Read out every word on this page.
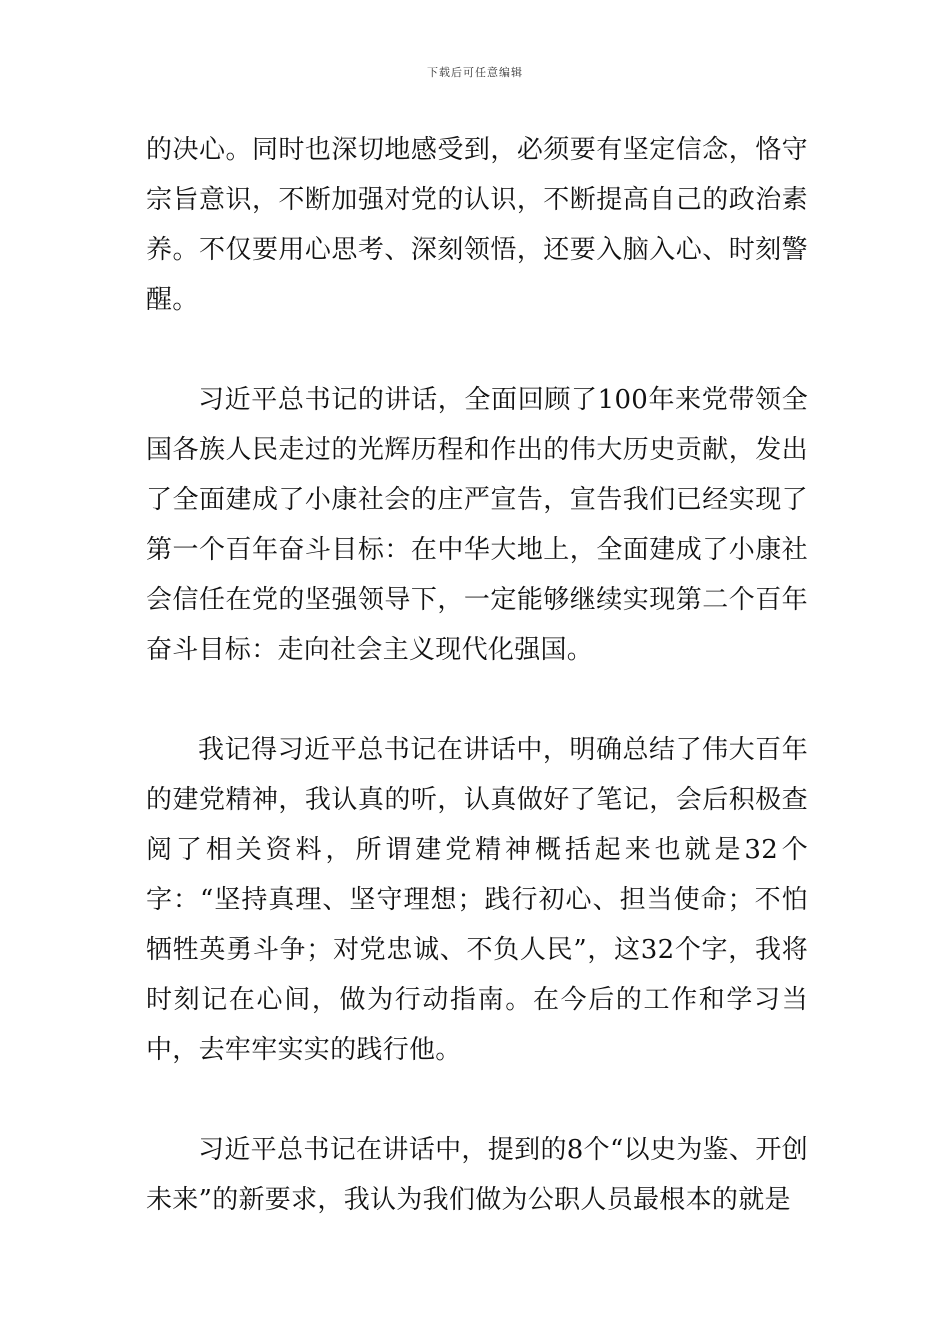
下载后可任意编辑

的决心。同时也深切地感受到，必须要有坚定信念，恪守宗旨意识，不断加强对党的认识，不断提高自己的政治素养。不仅要用心思考、深刻领悟，还要入脑入心、时刻警醒。

习近平总书记的讲话，全面回顾了100年来党带领全国各族人民走过的光辉历程和作出的伟大历史贡献，发出了全面建成了小康社会的庄严宣告，宣告我们已经实现了第一个百年奋斗目标：在中华大地上，全面建成了小康社会信任在党的坚强领导下，一定能够继续实现第二个百年奋斗目标：走向社会主义现代化强国。

我记得习近平总书记在讲话中，明确总结了伟大百年的建党精神，我认真的听，认真做好了笔记，会后积极查阅了相关资料，所谓建党精神概括起来也就是32个字：“坚持真理、坚守理想；践行初心、担当使命；不怕牺牲英勇斗争；对党忠诚、不负人民”，这32个字，我将时刻记在心间，做为行动指南。在今后的工作和学习当中，去牢牢实实的践行他。

习近平总书记在讲话中，提到的8个“以史为鉴、开创未来”的新要求，我认为我们做为公职人员最根本的就是
